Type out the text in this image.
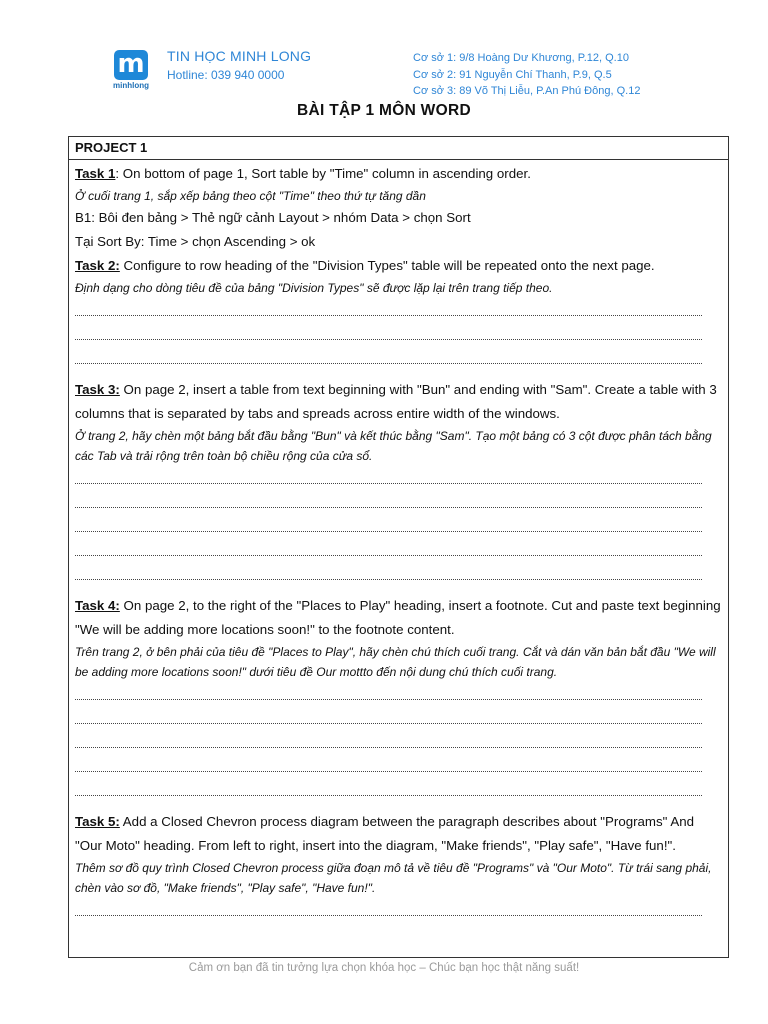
m
minhlong
TIN HỌC MINH LONG
Hotline: 039 940 0000
Cơ sở 1: 9/8 Hoàng Dư Khương, P.12, Q.10
Cơ sở 2: 91 Nguyễn Chí Thanh, P.9, Q.5
Cơ sở 3: 89 Võ Thị Liễu, P.An Phú Đông, Q.12
BÀI TẬP 1 MÔN WORD
PROJECT 1
Task 1: On bottom of page 1, Sort table by "Time" column in ascending order.
Ở cuối trang 1, sắp xếp bảng theo cột "Time" theo thứ tự tăng dần
B1: Bôi đen bảng > Thẻ ngữ cảnh Layout > nhóm Data > chọn Sort
Tại Sort By: Time > chọn Ascending > ok
Task 2: Configure to row heading of the "Division Types" table will be repeated onto the next page.
Định dạng cho dòng tiêu đề của bảng "Division Types" sẽ được lặp lại trên trang tiếp theo.
Task 3: On page 2, insert a table from text beginning with "Bun" and ending with "Sam". Create a table with 3 columns that is separated by tabs and spreads across entire width of the windows.
Ở trang 2, hãy chèn một bảng bắt đầu bằng "Bun" và kết thúc bằng "Sam". Tạo một bảng có 3 cột được phân tách bằng các Tab và trải rộng trên toàn bộ chiều rộng của cửa sổ.
Task 4: On page 2, to the right of the "Places to Play" heading, insert a footnote. Cut and paste text beginning "We will be adding more locations soon!" to the footnote content.
Trên trang 2, ở bên phải của tiêu đề "Places to Play", hãy chèn chú thích cuối trang. Cắt và dán văn bản bắt đầu "We will be adding more locations soon!" dưới tiêu đề Our mottto đến nội dung chú thích cuối trang.
Task 5: Add a Closed Chevron process diagram between the paragraph describes about "Programs" And "Our Moto" heading. From left to right, insert into the diagram, "Make friends", "Play safe", "Have fun!".
Thêm sơ đồ quy trình Closed Chevron process giữa đoạn mô tả về tiêu đề "Programs" và "Our Moto". Từ trái sang phải, chèn vào sơ đồ, "Make friends", "Play safe", "Have fun!".
Cảm ơn bạn đã tin tưởng lựa chọn khóa học – Chúc bạn học thật năng suất!
